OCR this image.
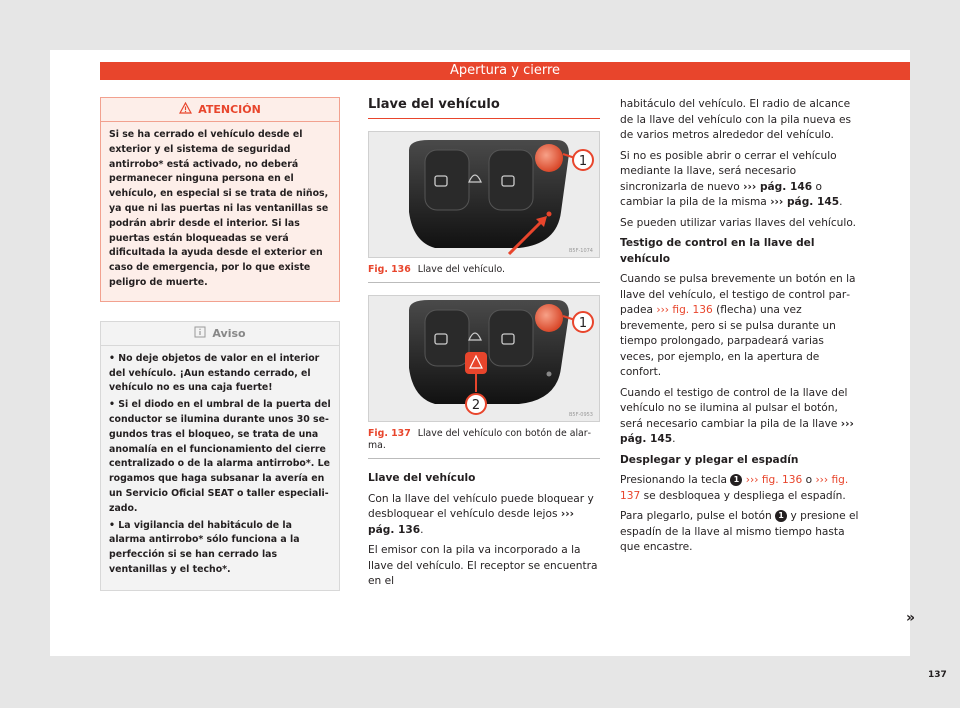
Apertura y cierre
ATENCIÓN
Si se ha cerrado el vehículo desde el exterior y el sistema de seguridad antirrobo* está activado, no deberá permanecer ninguna persona en el vehículo, en especial si se trata de niños, ya que ni las puertas ni las ventanillas se podrán abrir desde el interior. Si las puertas están bloqueadas se verá dificultada la ayuda desde el exterior en caso de emergencia, por lo que existe peligro de muerte.
Aviso

• No deje objetos de valor en el interior del vehículo. ¡Aun estando cerrado, el vehículo no es una caja fuerte!

• Si el diodo en el umbral de la puerta del conductor se ilumina durante unos 30 segundos tras el bloqueo, se trata de una anomalía en el funcionamiento del cierre centralizado o de la alarma antirrobo*. Le rogamos que haga subsanar la avería en un Servicio Oficial SEAT o taller especializado.

• La vigilancia del habitáculo de la alarma antirrobo* sólo funciona a la perfección si se han cerrado las ventanillas y el techo*.

Llave del vehículo
1
B5F-1074
Fig. 136 Llave del vehículo.
1
2
B5F-0953
Fig. 137 Llave del vehículo con botón de alarma.

Llave del vehículo

Con la llave del vehículo puede bloquear y desbloquear el vehículo desde lejos ››› pág. 136.

El emisor con la pila va incorporado a la llave del vehículo. El receptor se encuentra en el

habitáculo del vehículo. El radio de alcance de la llave del vehículo con la pila nueva es de varios metros alrededor del vehículo.

Si no es posible abrir o cerrar el vehículo mediante la llave, será necesario sincronizarla de nuevo ››› pág. 146 o cambiar la pila de la misma ››› pág. 145.

Se pueden utilizar varias llaves del vehículo.

Testigo de control en la llave del vehículo

Cuando se pulsa brevemente un botón en la llave del vehículo, el testigo de control parpadea ››› fig. 136 (flecha) una vez brevemente, pero si se pulsa durante un tiempo prolongado, parpadeará varias veces, por ejemplo, en la apertura de confort.

Cuando el testigo de control de la llave del vehículo no se ilumina al pulsar el botón, será necesario cambiar la pila de la llave ››› pág. 145.

Desplegar y plegar el espadín

Presionando la tecla 1 ››› fig. 136 o ››› fig. 137 se desbloquea y despliega el espadín.

Para plegarlo, pulse el botón 1 y presione el espadín de la llave al mismo tiempo hasta que encastre.

»
137
